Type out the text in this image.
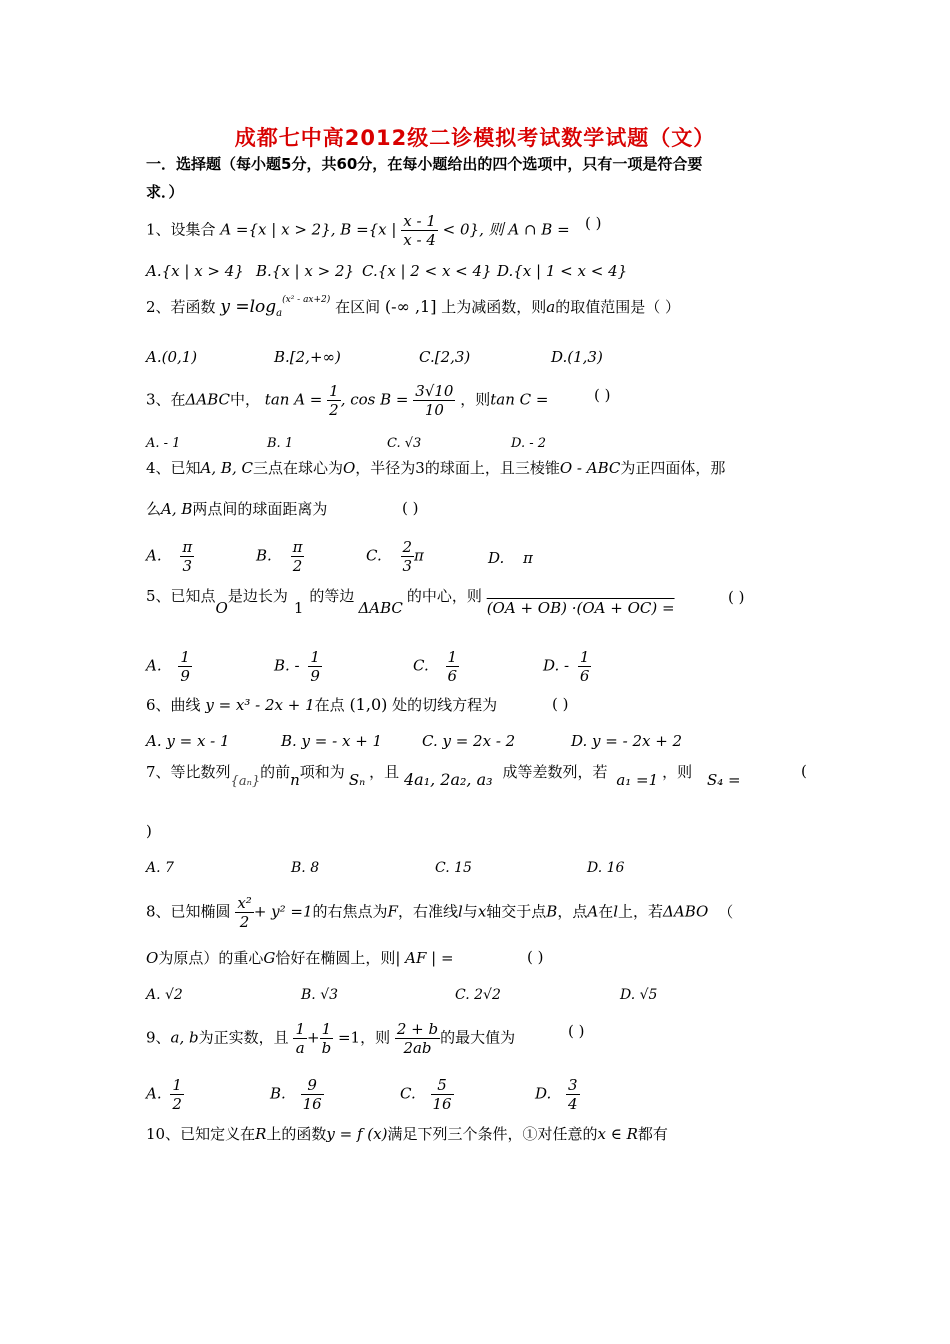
成都七中高2012级二诊模拟考试数学试题（文）
一．选择题（每小题5分，共60分，在每小题给出的四个选项中，只有一项是符合要
求．）
1、设集合 A ={x | x > 2}, B ={x | $\frac{x - 1}{x - 4} < 0$}, 则 A ∩ B = ( )
A.{x | x > 4} B.{x | x > 2} C.{x | 2 < x < 4} D.{x | 1 < x < 4}
2、若函数 $y =\log_a^{(x^2 - ax+2)}$ 在区间 (-∞ ,1] 上为减函数，则a的取值范围是（ ）
A.(0,1)	B.[2,+∞)	C.[2,3)	D.(1,3)
3、在ΔABC中， $\tan A = \frac{1}{2}$ , $\cos B = \frac{3√10}{10}$ ，则tan C =	( )
A. - 1	B. 1	C. √3	D. - 2
4、已知A, B, C三点在球心为O，半径为3的球面上，且三棱锥O - ABC为正四面体，那
么A, B两点间的球面距离为	( )
A. $\frac{\pi}{3}$	B. $\frac{\pi}{2}$	C. $\frac{2}{3}$ π	D. π
5、已知点O是边长为1的等边ΔABC的中心，则 (OA + OB) ·(OA + OC) =
( )
A. $\frac{1}{9}$	B. - $\frac{1}{9}$	C. $\frac{1}{6}$	D. - $\frac{1}{6}$
6、曲线 y = x³ - 2x + 1在点 (1,0) 处的切线方程为	( )
A. y = x - 1	B. y = - x + 1	C. y = 2x - 2	D. y = - 2x + 2
7、等比数列{aₙ}的前n项和为 Sₙ ，且 4a₁, 2a₂, a₃ 成等差数列，若 a₁ =1 ，则 S₄ =	(
)
A. 7	B. 8	C. 15	D. 16
8、已知椭圆 $\frac{\text{x²}}{2} + y^2 =1$的右焦点为F，右准线l与x轴交于点B，点A在l上，若ΔABO （
O为原点）的重心G恰好在椭圆上，则| AF | =	( )
A. √2	B. √3	C. 2√2	D. √5
9、a, b为正实数，且 $\frac{1}{a} + \frac{1}{b} =1$，则 $\frac{2 + b}{2ab}$ 的最大值为	( )
A. $\frac{1}{2}$	B. $\frac{9}{16}$	C. $\frac{5}{16}$	D. $\frac{3}{4}$
10、已知定义在R上的函数y = f (x)满足下列三个条件，①对任意的x ∈ R都有
